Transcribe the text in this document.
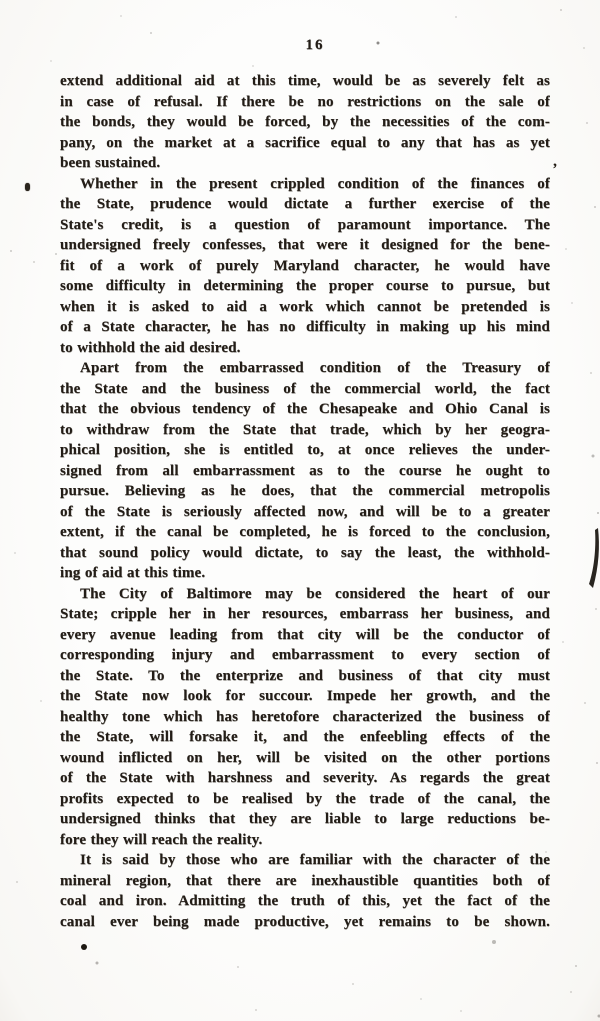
16
extend additional aid at this time, would be as severely felt as
in case of refusal. If there be no restrictions on the sale of
the bonds, they would be forced, by the necessities of the com-
pany, on the market at a sacrifice equal to any that has as yet
been sustained.
Whether in the present crippled condition of the finances of
the State, prudence would dictate a further exercise of the
State's credit, is a question of paramount importance. The
undersigned freely confesses, that were it designed for the bene-
fit of a work of purely Maryland character, he would have
some difficulty in determining the proper course to pursue, but
when it is asked to aid a work which cannot be pretended is
of a State character, he has no difficulty in making up his mind
to withhold the aid desired.
Apart from the embarrassed condition of the Treasury of
the State and the business of the commercial world, the fact
that the obvious tendency of the Chesapeake and Ohio Canal is
to withdraw from the State that trade, which by her geogra-
phical position, she is entitled to, at once relieves the under-
signed from all embarrassment as to the course he ought to
pursue. Believing as he does, that the commercial metropolis
of the State is seriously affected now, and will be to a greater
extent, if the canal be completed, he is forced to the conclusion,
that sound policy would dictate, to say the least, the withhold-
ing of aid at this time.
The City of Baltimore may be considered the heart of our
State; cripple her in her resources, embarrass her business, and
every avenue leading from that city will be the conductor of
corresponding injury and embarrassment to every section of
the State. To the enterprize and business of that city must
the State now look for succour. Impede her growth, and the
healthy tone which has heretofore characterized the business of
the State, will forsake it, and the enfeebling effects of the
wound inflicted on her, will be visited on the other portions
of the State with harshness and severity. As regards the great
profits expected to be realised by the trade of the canal, the
undersigned thinks that they are liable to large reductions be-
fore they will reach the reality.
It is said by those who are familiar with the character of the
mineral region, that there are inexhaustible quantities both of
coal and iron. Admitting the truth of this, yet the fact of the
canal ever being made productive, yet remains to be shown.
,
